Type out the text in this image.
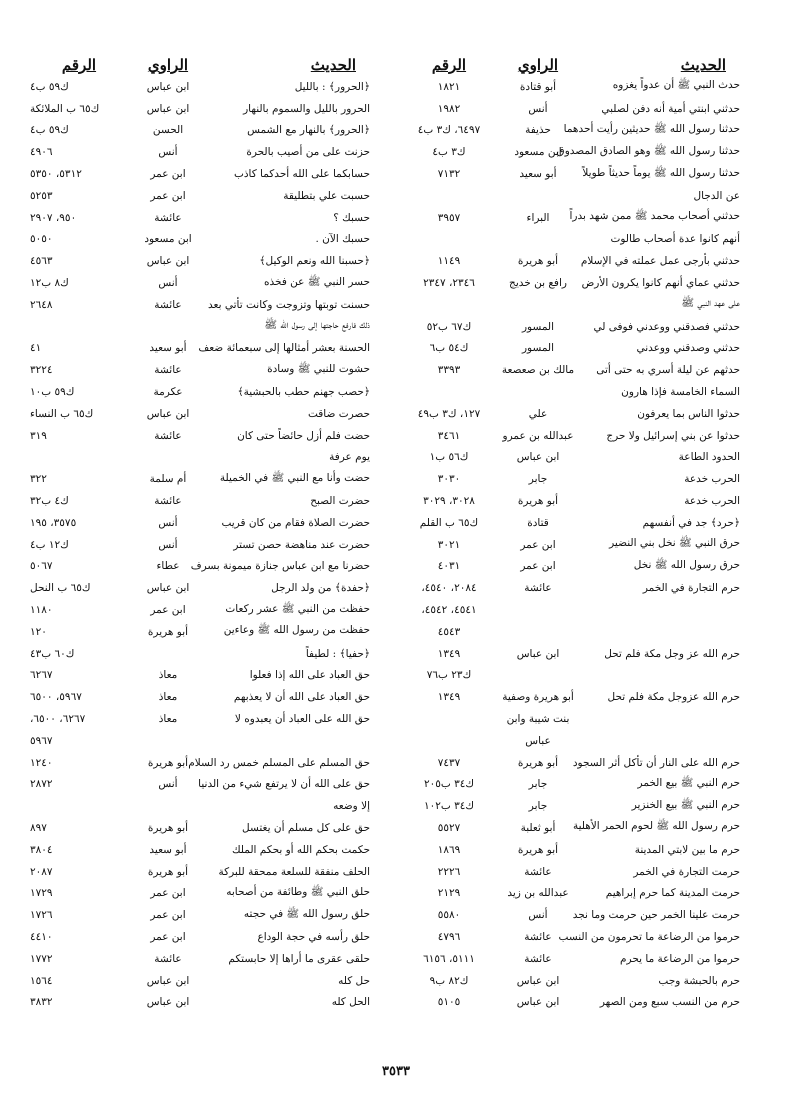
الحديث
الراوي
الرقم
حدث النبي ﷺ أن عدواً يغزوه
أبو قتادة
١٨٢١
حدثني ابنتي أمية أنه دفن لصلبي
أنس
١٩٨٢
حدثنا رسول الله ﷺ حديثين رأيت أحدهما
حذيفة
٦٤٩٧، ك٣ ب٤
حدثنا رسول الله ﷺ وهو الصادق المصدوق
ابن مسعود
ك٣ ب٤
حدثنا رسول الله ﷺ يوماً حديثاً طويلاً
أبو سعيد
٧١٣٢
عن الدجال
حدثني أصحاب محمد ﷺ ممن شهد بدراً
البراء
٣٩٥٧
أنهم كانوا عدة أصحاب طالوت
حدثني بأرجى عمل عملته في الإسلام
أبو هريرة
١١٤٩
حدثني عماي أنهم كانوا يكرون الأرض
رافع بن خديج
٢٣٤٦، ٢٣٤٧
على عهد النبي ﷺ
حدثني فصدقني ووعدني فوفى لي
المسور
ك٦٧ ب٥٢
حدثني وصدقني ووعدني
المسور
ك٥٤ ب٦
حدثهم عن ليلة أسري به حتى أتى
مالك بن صعصعة
٣٣٩٣
السماء الخامسة فإذا هارون
حدثوا الناس بما يعرفون
علي
١٢٧، ك٣ ب٤٩
حدثوا عن بني إسرائيل ولا حرج
عبدالله بن عمرو
٣٤٦١
الحدود الطاعة
ابن عباس
ك٥٦ ب١
الحرب خدعة
جابر
٣٠٣٠
الحرب خدعة
أبو هريرة
٣٠٢٨، ٣٠٢٩
﴿حرد﴾ جد في أنفسهم
قتادة
ك٦٥ ب القلم
حرق النبي ﷺ نخل بني النضير
ابن عمر
٣٠٢١
حرق رسول الله ﷺ نخل
ابن عمر
٤٠٣١
حرم التجارة في الخمر
عائشة
٢٠٨٤، ٤٥٤٠،
٤٥٤١، ٤٥٤٢،
٤٥٤٣
حرم الله عز وجل مكة فلم تحل
ابن عباس
١٣٤٩
ك٢٣ ب٧٦
حرم الله عزوجل مكة فلم تحل
أبو هريرة وصفية
١٣٤٩
بنت شيبة وابن
عباس
حرم الله على النار أن تأكل أثر السجود
أبو هريرة
٧٤٣٧
حرم النبي ﷺ بيع الخمر
جابر
ك٣٤ ب٢٠٥
حرم النبي ﷺ بيع الخنزير
جابر
ك٣٤ ب١٠٢
حرم رسول الله ﷺ لحوم الحمر الأهلية
أبو ثعلبة
٥٥٢٧
حرم ما بين لابتي المدينة
أبو هريرة
١٨٦٩
حرمت التجارة في الخمر
عائشة
٢٢٢٦
حرمت المدينة كما حرم إبراهيم
عبدالله بن زيد
٢١٢٩
حرمت علينا الخمر حين حرمت وما نجد
أنس
٥٥٨٠
حرموا من الرضاعة ما تحرمون من النسب
عائشة
٤٧٩٦
حرموا من الرضاعة ما يحرم
عائشة
٥١١١، ٦١٥٦
حرم بالحبشة وجب
ابن عباس
ك٨٢ ب٩
حرم من النسب سبع ومن الصهر
ابن عباس
٥١٠٥
الحديث
الراوي
الرقم
﴿الحرور﴾ : بالليل
ابن عباس
ك٥٩ ب٤
الحرور بالليل والسموم بالنهار
ابن عباس
ك٦٥ ب الملائكة
﴿الحرور﴾ بالنهار مع الشمس
الحسن
ك٥٩ ب٤
حزنت على من أصيب بالحرة
أنس
٤٩٠٦
حسابكما على الله أحدكما كاذب
ابن عمر
٥٣١٢، ٥٣٥٠
حسبت علي بتطليقة
ابن عمر
٥٢٥٣
حسبك ؟
عائشة
٩٥٠، ٢٩٠٧
حسبك الآن .
ابن مسعود
٥٠٥٠
﴿حسبنا الله ونعم الوكيل﴾
ابن عباس
٤٥٦٣
حسر النبي ﷺ عن فخذه
أنس
ك٨ ب١٢
حسنت توبتها وتزوجت وكانت تأتي بعد
عائشة
٢٦٤٨
ذلك فارفع حاجتها إلى رسول الله ﷺ
الحسنة بعشر أمثالها إلى سبعمائة ضعف
أبو سعيد
٤١
حشوت للنبي ﷺ وسادة
عائشة
٣٢٢٤
﴿حصب جهنم حطب بالحبشية﴾
عكرمة
ك٥٩ ب١٠
حصرت ضاقت
ابن عباس
ك٦٥ ب النساء
حضت فلم أزل حائضاً حتى كان
عائشة
٣١٩
يوم عرفة
حضت وأنا مع النبي ﷺ في الخميلة
أم سلمة
٣٢٢
حضرت الصبح
عائشة
ك٤ ب٣٢
حضرت الصلاة فقام من كان قريب
أنس
٣٥٧٥، ١٩٥
حضرت عند مناهضة حصن تستر
أنس
ك١٢ ب٤
حضرنا مع ابن عباس جنازة ميمونة بسرف
عطاء
٥٠٦٧
﴿حفدة﴾ من ولد الرجل
ابن عباس
ك٦٥ ب النحل
حفظت من النبي ﷺ عشر ركعات
ابن عمر
١١٨٠
حفظت من رسول الله ﷺ وعاءين
أبو هريرة
١٢٠
﴿حفيا﴾ : لطيفاً
ك٦٠ ب٤٣
حق العباد على الله إذا فعلوا
معاذ
٦٢٦٧
حق العباد على الله أن لا يعذبهم
معاذ
٥٩٦٧، ٦٥٠٠
حق الله على العباد أن يعبدوه لا
معاذ
٦٢٦٧، ٦٥٠٠،
٥٩٦٧
حق المسلم على المسلم خمس رد السلام
أبو هريرة
١٢٤٠
حق على الله أن لا يرتفع شيء من الدنيا
أنس
٢٨٧٢
إلا وضعه
حق على كل مسلم أن يغتسل
أبو هريرة
٨٩٧
حكمت بحكم الله أو بحكم الملك
أبو سعيد
٣٨٠٤
الحلف منفقة للسلعة ممحقة للبركة
أبو هريرة
٢٠٨٧
حلق النبي ﷺ وطائفة من أصحابه
ابن عمر
١٧٢٩
حلق رسول الله ﷺ في حجته
ابن عمر
١٧٢٦
حلق رأسه في حجة الوداع
ابن عمر
٤٤١٠
حلقى عقرى ما أراها إلا حابستكم
عائشة
١٧٧٢
حل كله
ابن عباس
١٥٦٤
الحل كله
ابن عباس
٣٨٣٢
٣٥٣٣
